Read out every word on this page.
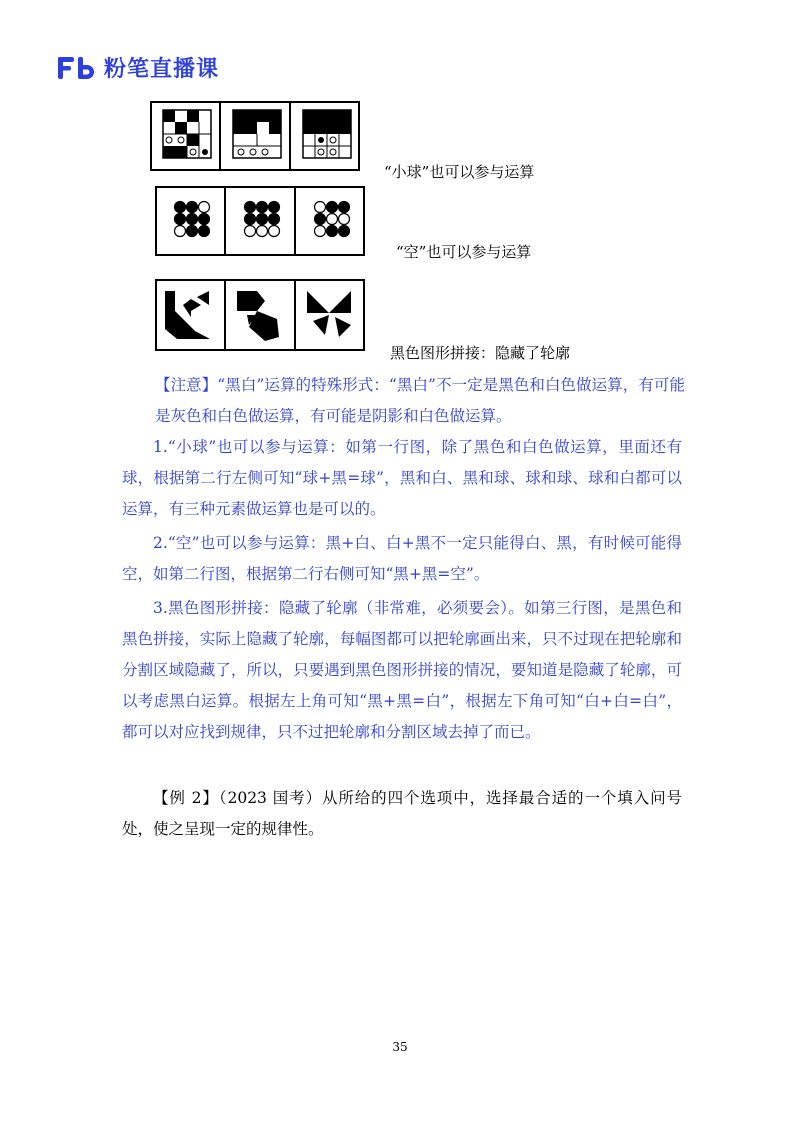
粉笔直播课
“小球”也可以参与运算
“空”也可以参与运算
黑色图形拼接：隐藏了轮廓
【注意】“黑白”运算的特殊形式：“黑白”不一定是黑色和白色做运算，有可能是灰色和白色做运算，有可能是阴影和白色做运算。
1.“小球”也可以参与运算：如第一行图，除了黑色和白色做运算，里面还有球，根据第二行左侧可知“球+黑=球”，黑和白、黑和球、球和球、球和白都可以运算，有三种元素做运算也是可以的。
2.“空”也可以参与运算：黑+白、白+黑不一定只能得白、黑，有时候可能得空，如第二行图，根据第二行右侧可知“黑+黑=空”。
3.黑色图形拼接：隐藏了轮廓（非常难，必须要会）。如第三行图，是黑色和黑色拼接，实际上隐藏了轮廓，每幅图都可以把轮廓画出来，只不过现在把轮廓和分割区域隐藏了，所以，只要遇到黑色图形拼接的情况，要知道是隐藏了轮廓，可以考虑黑白运算。根据左上角可知“黑+黑=白”，根据左下角可知“白+白=白”，都可以对应找到规律，只不过把轮廓和分割区域去掉了而已。
【例 2】（2023 国考）从所给的四个选项中，选择最合适的一个填入问号处，使之呈现一定的规律性。
35
